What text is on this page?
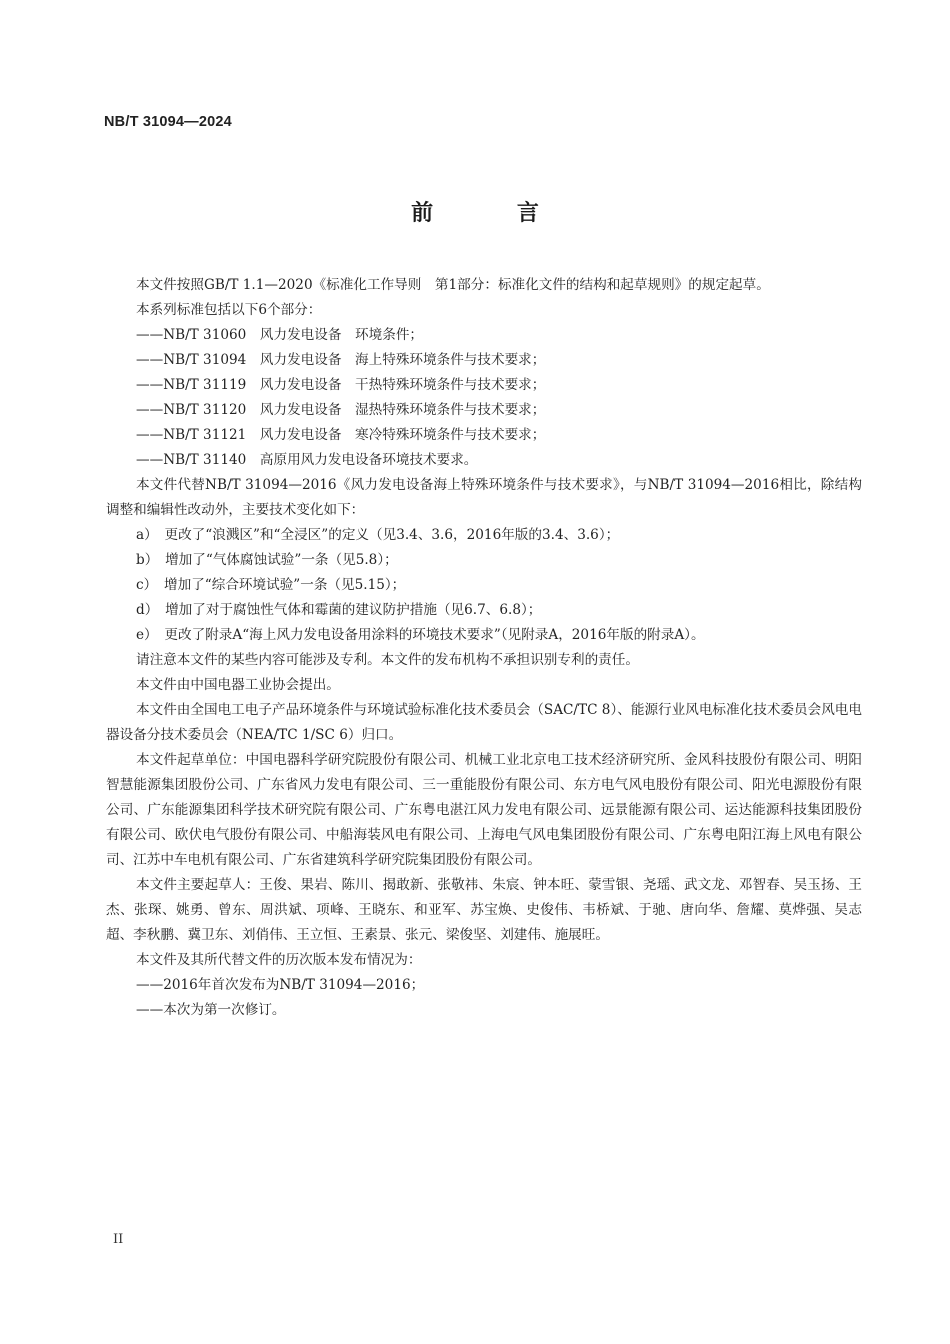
NB/T 31094—2024
前 言

本文件按照GB/T 1.1—2020《标准化工作导则　第1部分：标准化文件的结构和起草规则》的规定起草。

本系列标准包括以下6个部分：

——NB/T 31060　风力发电设备　环境条件；

——NB/T 31094　风力发电设备　海上特殊环境条件与技术要求；

——NB/T 31119　风力发电设备　干热特殊环境条件与技术要求；

——NB/T 31120　风力发电设备　湿热特殊环境条件与技术要求；

——NB/T 31121　风力发电设备　寒冷特殊环境条件与技术要求；

——NB/T 31140　高原用风力发电设备环境技术要求。

本文件代替NB/T 31094—2016《风力发电设备海上特殊环境条件与技术要求》，与NB/T 31094—2016相比，除结构调整和编辑性改动外，主要技术变化如下：

a）　更改了“浪溅区”和“全浸区”的定义（见3.4、3.6，2016年版的3.4、3.6）；

b）　增加了“气体腐蚀试验”一条（见5.8）；

c）　增加了“综合环境试验”一条（见5.15）；

d）　增加了对于腐蚀性气体和霉菌的建议防护措施（见6.7、6.8）；

e）　更改了附录A“海上风力发电设备用涂料的环境技术要求”（见附录A，2016年版的附录A）。

请注意本文件的某些内容可能涉及专利。本文件的发布机构不承担识别专利的责任。

本文件由中国电器工业协会提出。

本文件由全国电工电子产品环境条件与环境试验标准化技术委员会（SAC/TC 8）、能源行业风电标准化技术委员会风电电器设备分技术委员会（NEA/TC 1/SC 6）归口。

本文件起草单位：中国电器科学研究院股份有限公司、机械工业北京电工技术经济研究所、金风科技股份有限公司、明阳智慧能源集团股份公司、广东省风力发电有限公司、三一重能股份有限公司、东方电气风电股份有限公司、阳光电源股份有限公司、广东能源集团科学技术研究院有限公司、广东粤电湛江风力发电有限公司、远景能源有限公司、运达能源科技集团股份有限公司、欧伏电气股份有限公司、中船海装风电有限公司、上海电气风电集团股份有限公司、广东粤电阳江海上风电有限公司、江苏中车电机有限公司、广东省建筑科学研究院集团股份有限公司。

本文件主要起草人：王俊、果岩、陈川、揭敢新、张敬祎、朱宸、钟本旺、蒙雪银、尧瑶、武文龙、邓智春、吴玉扬、王杰、张琛、姚勇、曾东、周洪斌、项峰、王晓东、和亚军、苏宝焕、史俊伟、韦桥斌、于驰、唐向华、詹耀、莫烨强、吴志超、李秋鹏、冀卫东、刘俏伟、王立恒、王素景、张元、梁俊坚、刘建伟、施展旺。

本文件及其所代替文件的历次版本发布情况为：

——2016年首次发布为NB/T 31094—2016；

——本次为第一次修订。

II
